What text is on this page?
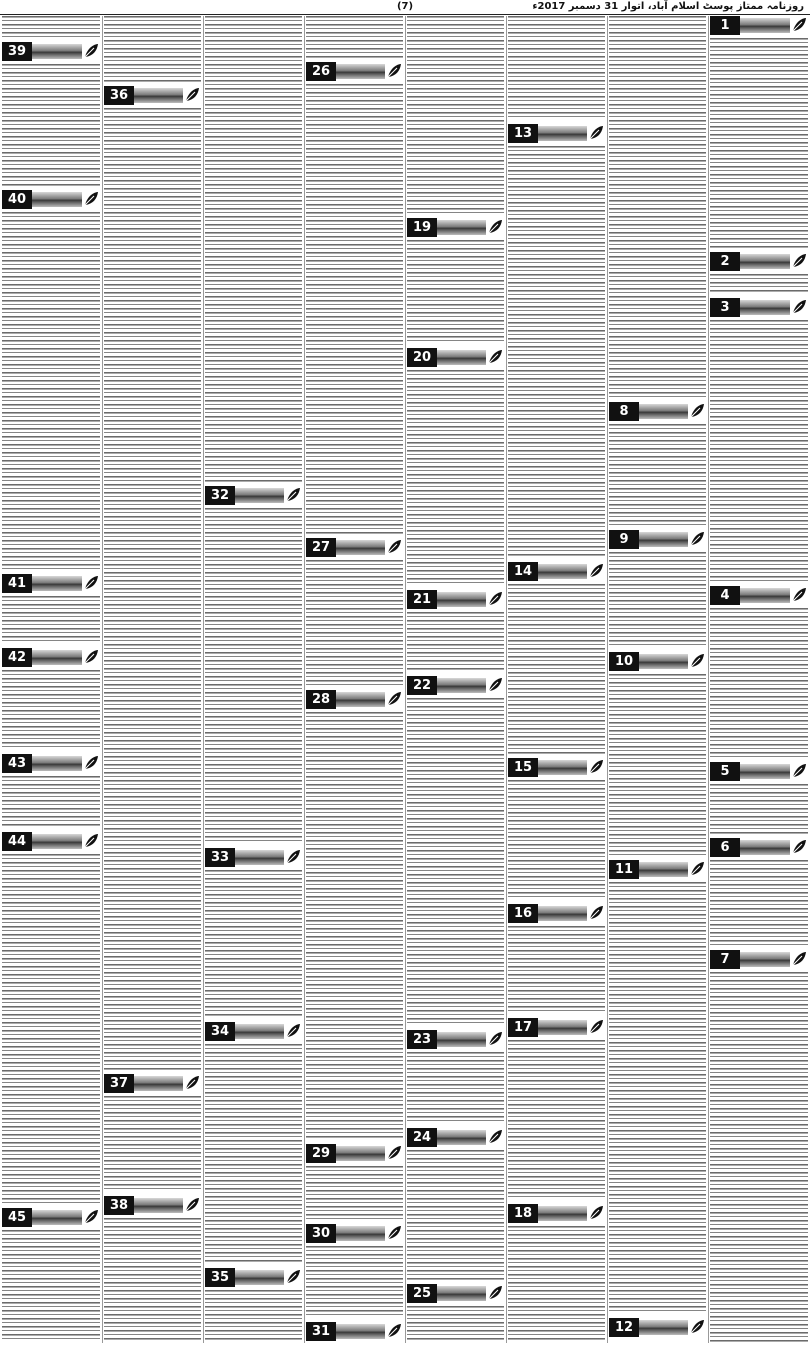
(7)	روزنامہ ممتاز پوسٹ اسلام آباد، اتوار 31 دسمبر 2017ء
1
2
3
4
5
6
7
8
9
10
11
12
13
14
15
16
17
18
19
20
21
22
23
24
25
26
27
28
29
30
31
32
33
34
35
36
37
38
39
40
41
42
43
44
45
